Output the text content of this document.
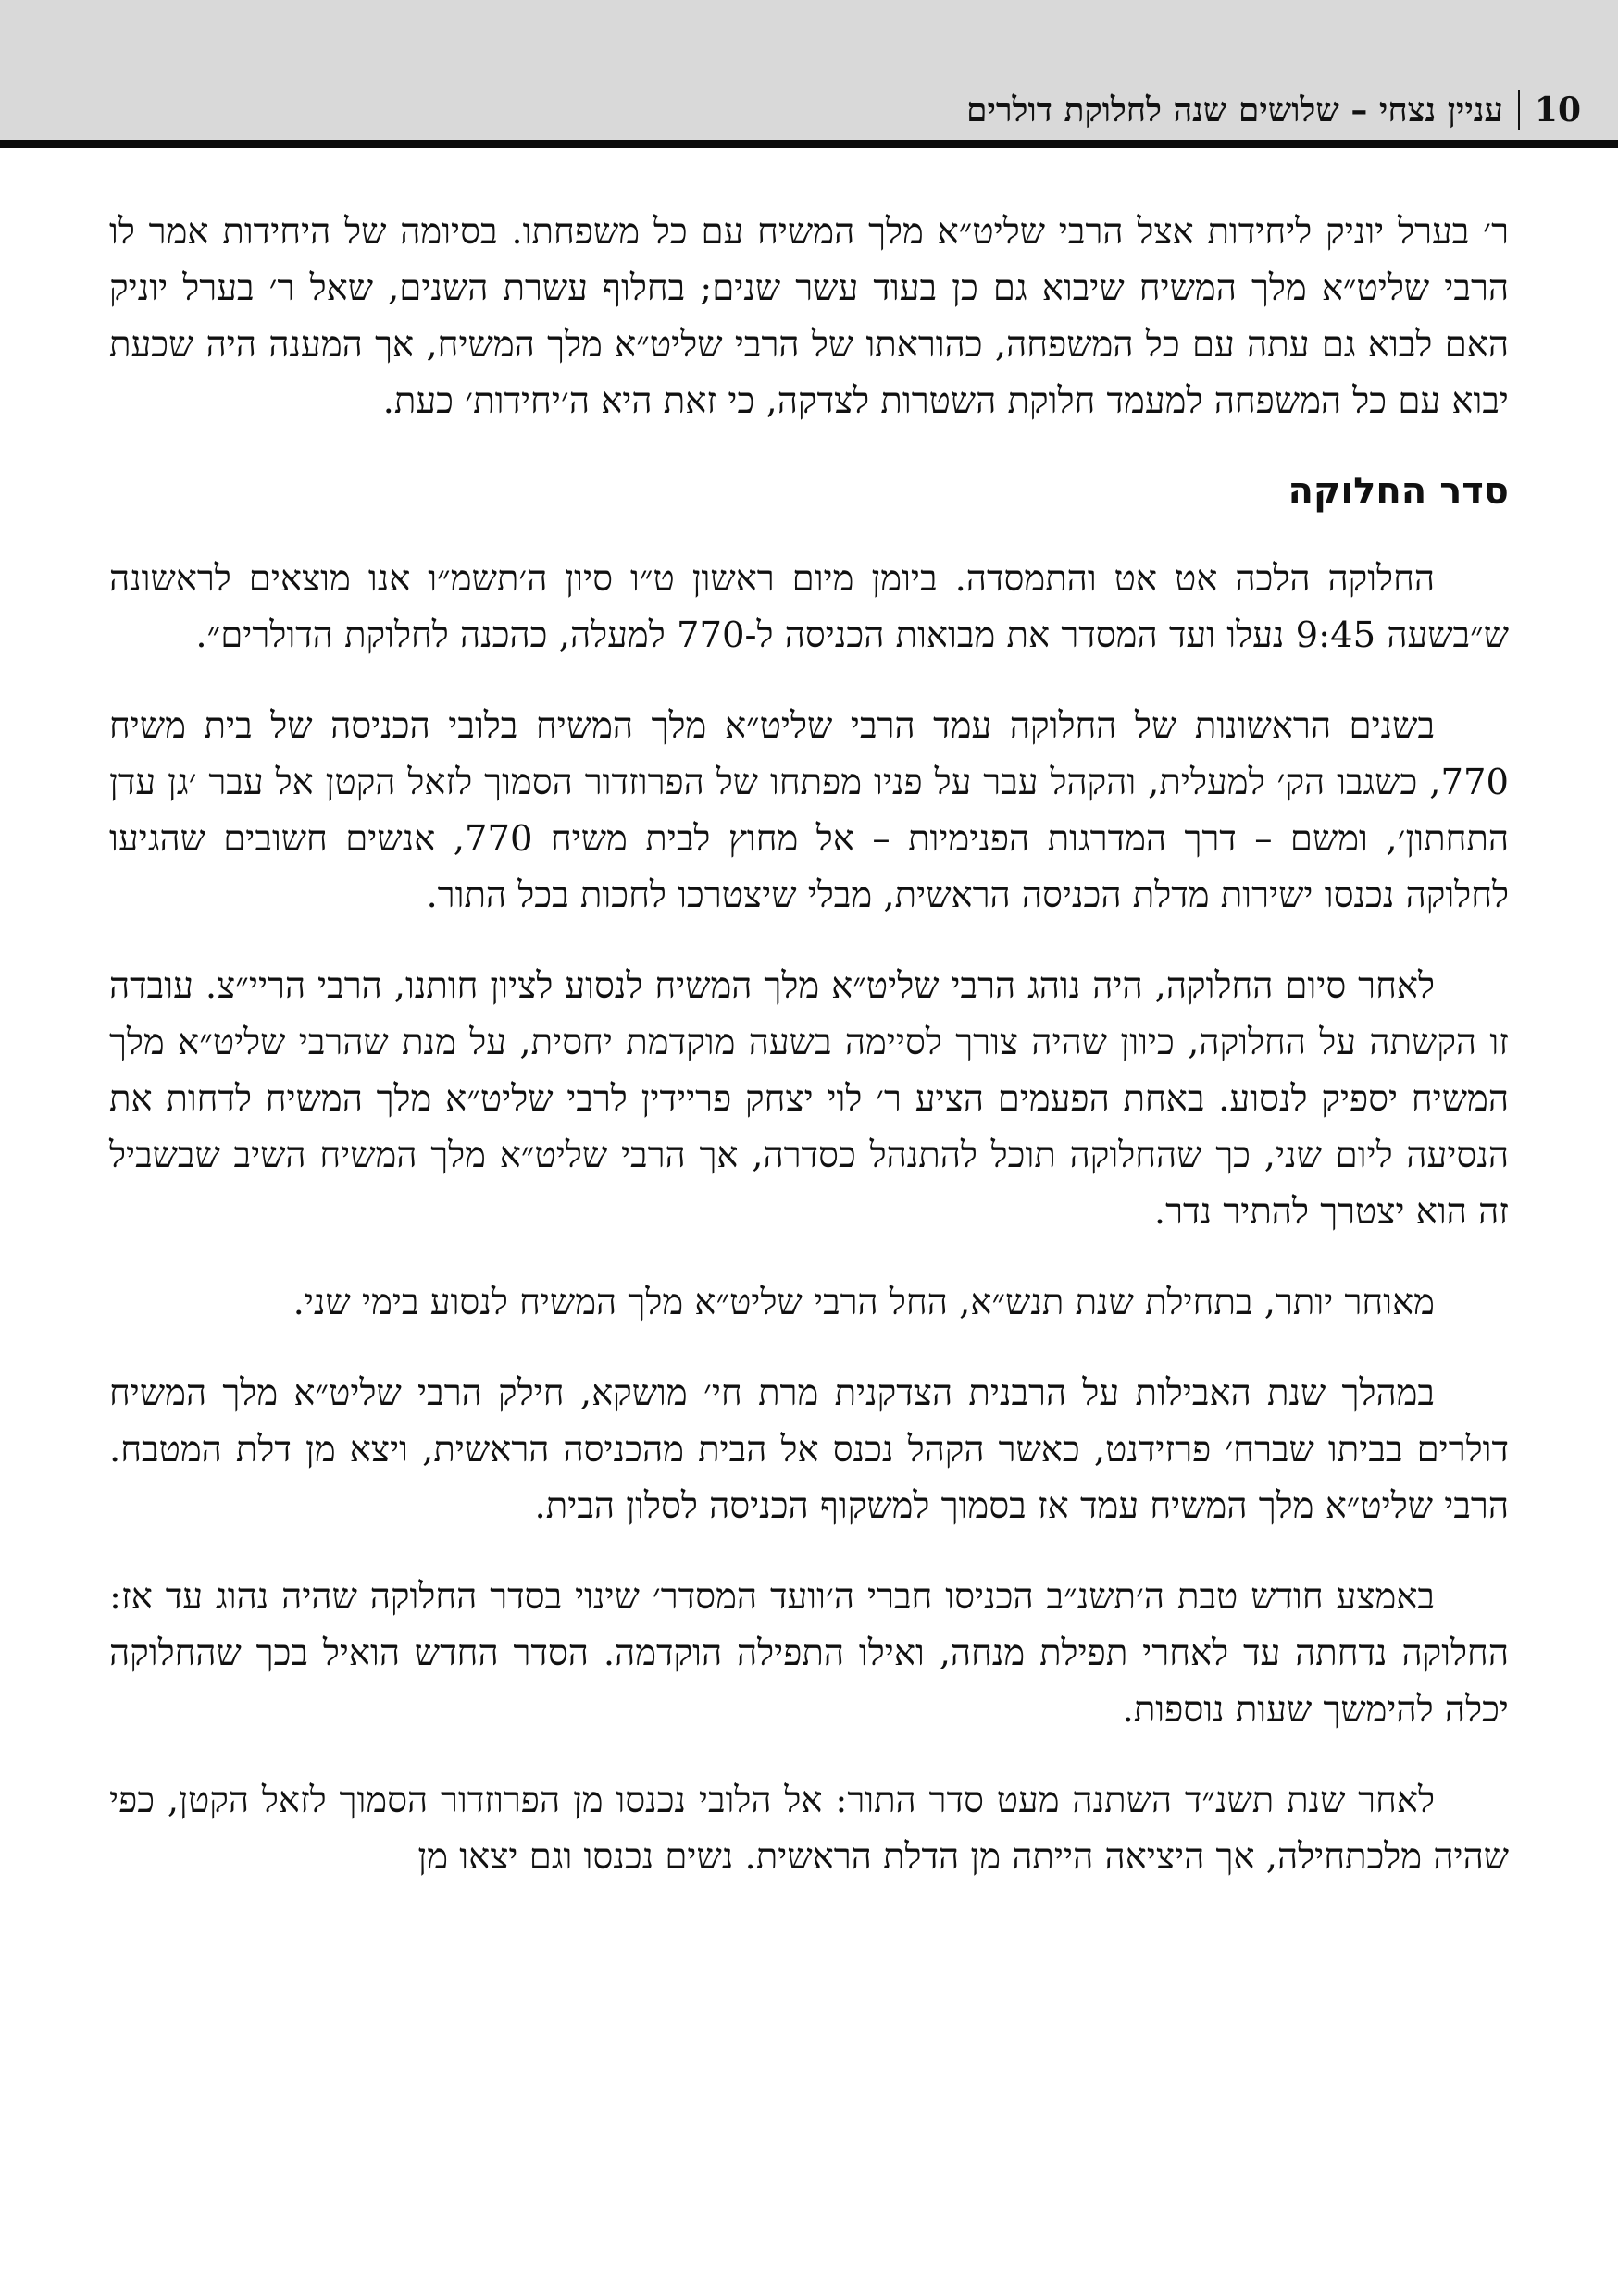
10
עניין נצחי – שלושים שנה לחלוקת דולרים

ר׳ בערל יוניק ליחידות אצל הרבי שליט״א מלך המשיח עם כל משפחתו. בסיומה של היחידות אמר לו הרבי שליט״א מלך המשיח שיבוא גם כן בעוד עשר שנים; בחלוף עשרת השנים, שאל ר׳ בערל יוניק האם לבוא גם עתה עם כל המשפחה, כהוראתו של הרבי שליט״א מלך המשיח, אך המענה היה שכעת יבוא עם כל המשפחה למעמד חלוקת השטרות לצדקה, כי זאת היא ה׳יחידות׳ כעת.

סדר החלוקה

החלוקה הלכה אט אט והתמסדה. ביומן מיום ראשון ט״ו סיון ה׳תשמ״ו אנו מוצאים לראשונה ש״בשעה 9:45 נעלו ועד המסדר את מבואות הכניסה ל-770 למעלה, כהכנה לחלוקת הדולרים״.

בשנים הראשונות של החלוקה עמד הרבי שליט״א מלך המשיח בלובי הכניסה של בית משיח 770, כשגבו הק׳ למעלית, והקהל עבר על פניו מפתחו של הפרוזדור הסמוך לזאל הקטן אל עבר ׳גן עדן התחתון׳, ומשם – דרך המדרגות הפנימיות – אל מחוץ לבית משיח 770, אנשים חשובים שהגיעו לחלוקה נכנסו ישירות מדלת הכניסה הראשית, מבלי שיצטרכו לחכות בכל התור.

לאחר סיום החלוקה, היה נוהג הרבי שליט״א מלך המשיח לנסוע לציון חותנו, הרבי הריי״צ. עובדה זו הקשתה על החלוקה, כיוון שהיה צורך לסיימה בשעה מוקדמת יחסית, על מנת שהרבי שליט״א מלך המשיח יספיק לנסוע. באחת הפעמים הציע ר׳ לוי יצחק פריידין לרבי שליט״א מלך המשיח לדחות את הנסיעה ליום שני, כך שהחלוקה תוכל להתנהל כסדרה, אך הרבי שליט״א מלך המשיח השיב שבשביל זה הוא יצטרך להתיר נדר.

מאוחר יותר, בתחילת שנת תנש״א, החל הרבי שליט״א מלך המשיח לנסוע בימי שני.

במהלך שנת האבילות על הרבנית הצדקנית מרת חי׳ מושקא, חילק הרבי שליט״א מלך המשיח דולרים בביתו שברח׳ פרזידנט, כאשר הקהל נכנס אל הבית מהכניסה הראשית, ויצא מן דלת המטבח. הרבי שליט״א מלך המשיח עמד אז בסמוך למשקוף הכניסה לסלון הבית.

באמצע חודש טבת ה׳תשנ״ב הכניסו חברי ה׳וועד המסדר׳ שינוי בסדר החלוקה שהיה נהוג עד אז: החלוקה נדחתה עד לאחרי תפילת מנחה, ואילו התפילה הוקדמה. הסדר החדש הואיל בכך שהחלוקה יכלה להימשך שעות נוספות.

לאחר שנת תשנ״ד השתנה מעט סדר התור: אל הלובי נכנסו מן הפרוזדור הסמוך לזאל הקטן, כפי שהיה מלכתחילה, אך היציאה הייתה מן הדלת הראשית. נשים נכנסו וגם יצאו מן
